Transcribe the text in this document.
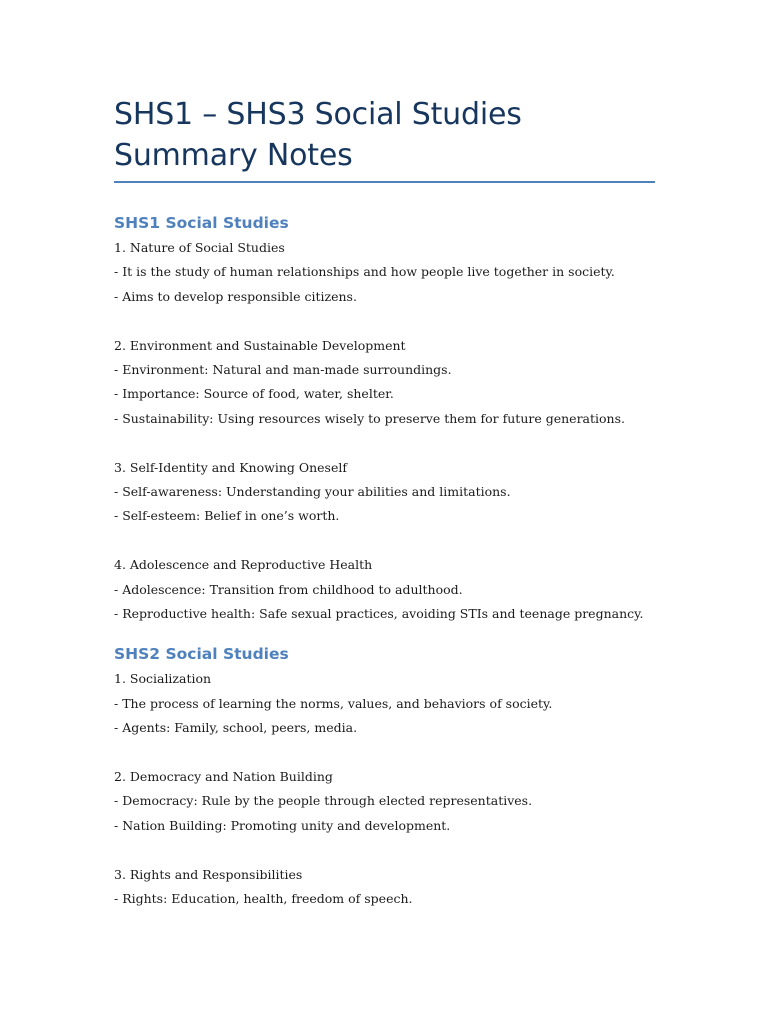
SHS1 – SHS3 Social Studies Summary Notes
SHS1 Social Studies

1. Nature of Social Studies

- It is the study of human relationships and how people live together in society.

- Aims to develop responsible citizens.

2. Environment and Sustainable Development

- Environment: Natural and man-made surroundings.

- Importance: Source of food, water, shelter.

- Sustainability: Using resources wisely to preserve them for future generations.

3. Self-Identity and Knowing Oneself

- Self-awareness: Understanding your abilities and limitations.

- Self-esteem: Belief in one’s worth.

4. Adolescence and Reproductive Health

- Adolescence: Transition from childhood to adulthood.

- Reproductive health: Safe sexual practices, avoiding STIs and teenage pregnancy.

SHS2 Social Studies

1. Socialization

- The process of learning the norms, values, and behaviors of society.

- Agents: Family, school, peers, media.

2. Democracy and Nation Building

- Democracy: Rule by the people through elected representatives.

- Nation Building: Promoting unity and development.

3. Rights and Responsibilities

- Rights: Education, health, freedom of speech.
